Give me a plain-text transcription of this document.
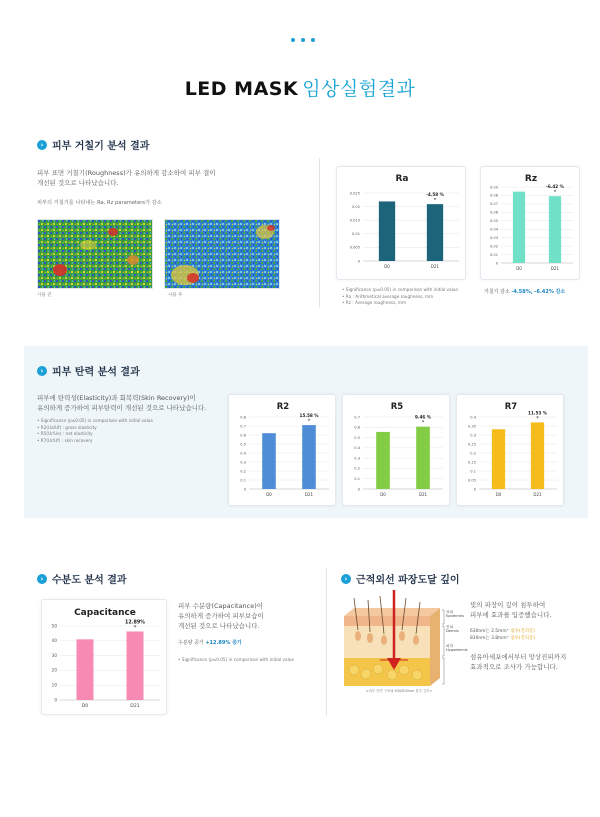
LED MASK 임상실험결과
› 피부 거칠기 분석 결과
피부 표면 거칠기(Roughness)가 유의하게 감소하여 피부 결이
개선된 것으로 나타났습니다.
피부의 거칠기를 나타내는 Ra, Rz parameters가 감소
사용 전	사용 후
Ra
0
0.005
0.01
0.015
0.02
0.025
D0	D21
-4.58 %
*
Rz
0
0.01
0.02
0.03
0.04
0.05
0.06
0.07
0.08
0.09
D0	D21
-6.42 %
*
• Significance (p≤0.05) in comparison with initial value
• Ra : Arithmetical average roughness, mm
• Rz : Average roughness, mm
거칠기 감소 -4.58%, -6.42% 감소
› 피부 탄력 분석 결과
피부에 탄력성(Elasticity)과 회복력(Skin Recovery)이
유의하게 증가하여 피부탄력이 개선된 것으로 나타났습니다.
• Significance (p≤0.05) in comparison with initial value
• R2(Ua/Uf) : gross elasticity
• R5(Ur/Ue) : net elasticity
• R7(Ur/Uf) : skin recovery
R2
0
0.1
0.2
0.3
0.4
0.5
0.6
0.7
0.8
D0	D21
15.58 %
*
R5
0
0.1
0.2
0.3
0.4
0.5
0.6
0.7
D0	D21
9.46 %
*
R7
0
0.05
0.1
0.15
0.2
0.25
0.3
0.35
0.4
D0	D21
11.53 %
*
› 수분도 분석 결과
Capacitance
0
10
20
30
40
50
D0	D21
12.89%
*
피부 수분량(Capacitance)이
유의하게 증가하여 피부보습이
개선된 것으로 나타났습니다.
수분량 증가 +12.89% 증가
• Significance (p≤0.05) in comparison with initial value
› 근적외선 파장도달 깊이
표피
Epidermis
진피
Dermis
피하
Hypodermis
<피부 단면 구조와 630/830nm 침투 깊이>
빛의 파장이 깊이 침투하여
피부에 효과를 입증했습니다.
630nm는 2.5mm⁺ 침투(진피층)
830nm는 3.8mm⁺ 침투(진피층)
섬유아세포에서부터 망상진피까지
효과적으로 조사가 가능합니다.
